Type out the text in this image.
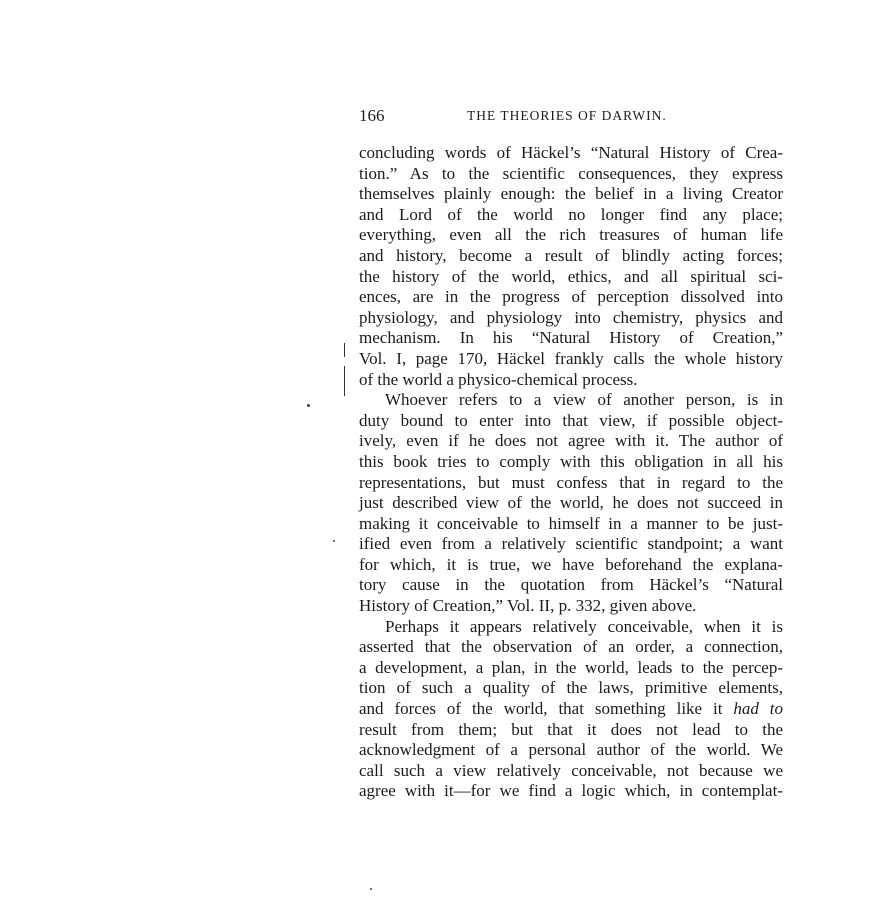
166	THE THEORIES OF DARWIN.
concluding words of Häckel’s “Natural History of Crea-
tion.” As to the scientific consequences, they express
themselves plainly enough: the belief in a living Creator
and Lord of the world no longer find any place;
everything, even all the rich treasures of human life
and history, become a result of blindly acting forces;
the history of the world, ethics, and all spiritual sci-
ences, are in the progress of perception dissolved into
physiology, and physiology into chemistry, physics and
mechanism. In his “Natural History of Creation,”
Vol. I, page 170, Häckel frankly calls the whole history
of the world a physico-chemical process.
Whoever refers to a view of another person, is in
duty bound to enter into that view, if possible object-
ively, even if he does not agree with it. The author of
this book tries to comply with this obligation in all his
representations, but must confess that in regard to the
just described view of the world, he does not succeed in
making it conceivable to himself in a manner to be just-
ified even from a relatively scientific standpoint; a want
for which, it is true, we have beforehand the explana-
tory cause in the quotation from Häckel’s “Natural
History of Creation,” Vol. II, p. 332, given above.
Perhaps it appears relatively conceivable, when it is
asserted that the observation of an order, a connection,
a development, a plan, in the world, leads to the percep-
tion of such a quality of the laws, primitive elements,
and forces of the world, that something like it had to
result from them; but that it does not lead to the
acknowledgment of a personal author of the world. We
call such a view relatively conceivable, not because we
agree with it—for we find a logic which, in contemplat-
